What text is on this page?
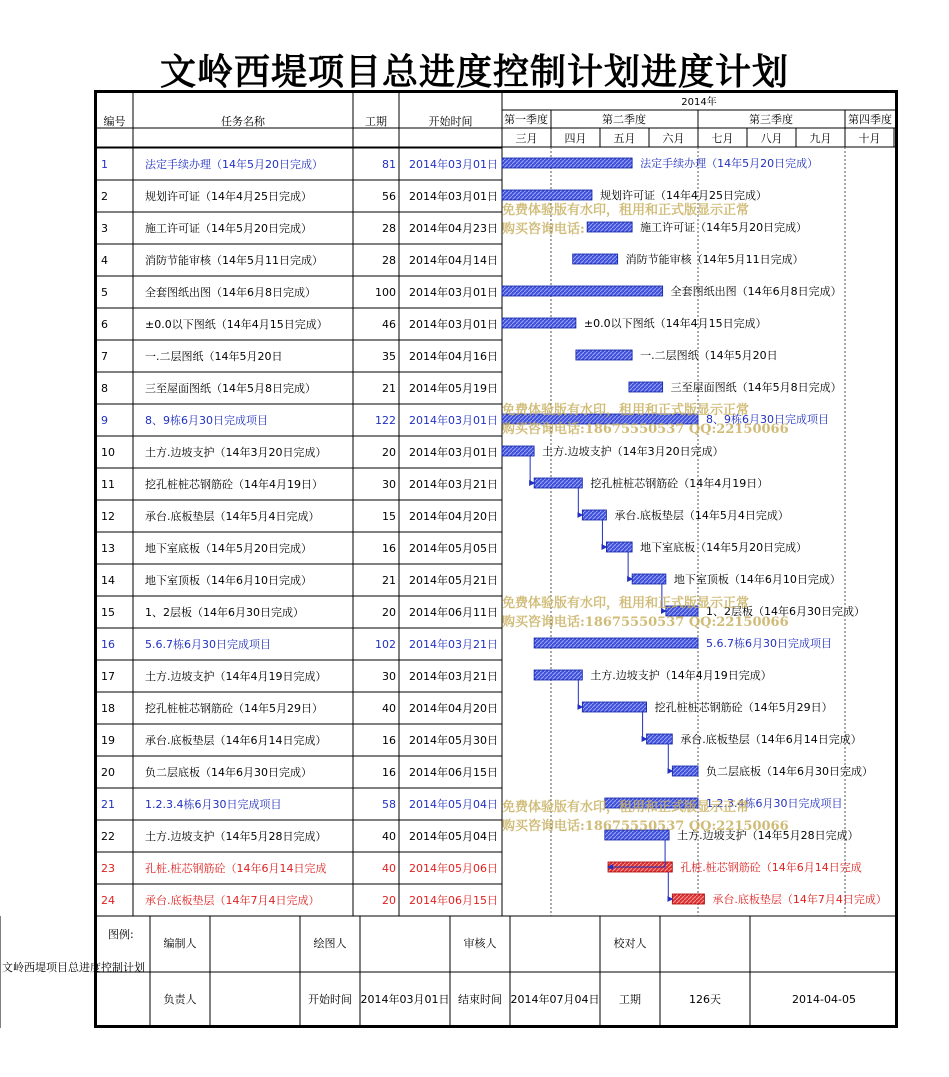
文岭西堤项目总进度控制计划进度计划
编号	任务名称	工期	开始时间
2014年
第一季度	第二季度	第三季度	第四季度
三月 四月 五月 六月 七月 八月 九月 十月
1	法定手续办理（14年5月20日完成）	81 2014年03月01日
2	规划许可证（14年4月25日完成）	56 2014年03月01日
3	施工许可证（14年5月20日完成）	28 2014年04月23日
4	消防节能审核（14年5月11日完成）	28 2014年04月14日
5	全套图纸出图（14年6月8日完成）	100 2014年03月01日
6	±0.0以下图纸（14年4月15日完成）	46 2014年03月01日
7	一.二层图纸（14年5月20日	35 2014年04月16日
8	三至屋面图纸（14年5月8日完成）	21 2014年05月19日
9	8、9栋6月30日完成项目	122 2014年03月01日
10	土方.边坡支护（14年3月20日完成）	20 2014年03月01日
11	挖孔桩桩芯钢筋砼（14年4月19日）	30 2014年03月21日
12	承台.底板垫层（14年5月4日完成）	15 2014年04月20日
13	地下室底板（14年5月20日完成）	16 2014年05月05日
14	地下室顶板（14年6月10日完成）	21 2014年05月21日
15	1、2层板（14年6月30日完成）	20 2014年06月11日
16	5.6.7栋6月30日完成项目	102 2014年03月21日
17	土方.边坡支护（14年4月19日完成）	30 2014年03月21日
18	挖孔桩桩芯钢筋砼（14年5月29日）	40 2014年04月20日
19	承台.底板垫层（14年6月14日完成）	16 2014年05月30日
20	负二层底板（14年6月30日完成）	16 2014年06月15日
21	1.2.3.4栋6月30日完成项目	58 2014年05月04日
22	土方.边坡支护（14年5月28日完成）	40 2014年05月04日
23	孔桩.桩芯钢筋砼（14年6月14日完成	40 2014年05月06日
24	承台.底板垫层（14年7月4日完成）	20 2014年06月15日
法定手续办理（14年5月20日完成）
规划许可证（14年4月25日完成）
施工许可证（14年5月20日完成）
消防节能审核（14年5月11日完成）
全套图纸出图（14年6月8日完成）
±0.0以下图纸（14年4月15日完成）
一.二层图纸（14年5月20日
三至屋面图纸（14年5月8日完成）
8、9栋6月30日完成项目
土方.边坡支护（14年3月20日完成）
挖孔桩桩芯钢筋砼（14年4月19日）
承台.底板垫层（14年5月4日完成）
地下室底板（14年5月20日完成）
地下室顶板（14年6月10日完成）
1、2层板（14年6月30日完成）
5.6.7栋6月30日完成项目
土方.边坡支护（14年4月19日完成）
挖孔桩桩芯钢筋砼（14年5月29日）
承台.底板垫层（14年6月14日完成）
负二层底板（14年6月30日完成）
1.2.3.4栋6月30日完成项目
土方.边坡支护（14年5月28日完成）
孔桩.桩芯钢筋砼（14年6月14日完成
承台.底板垫层（14年7月4日完成）
图例:
编制人	绘图人	审核人	校对人
负责人	开始时间 2014年03月01日 结束时间 2014年07月04日 工期	126天	2014-04-05
文岭西堤项目总进度控制计划
免费体验版有水印，租用和正式版显示正常
购买咨询电话:
免费体验版有水印，租用和正式版显示正常
购买咨询电话:18675550537 QQ:22150066
免费体验版有水印，租用和正式版显示正常
购买咨询电话:18675550537 QQ:22150066
免费体验版有水印，租用和正式版显示正常
购买咨询电话:18675550537 QQ:22150066
